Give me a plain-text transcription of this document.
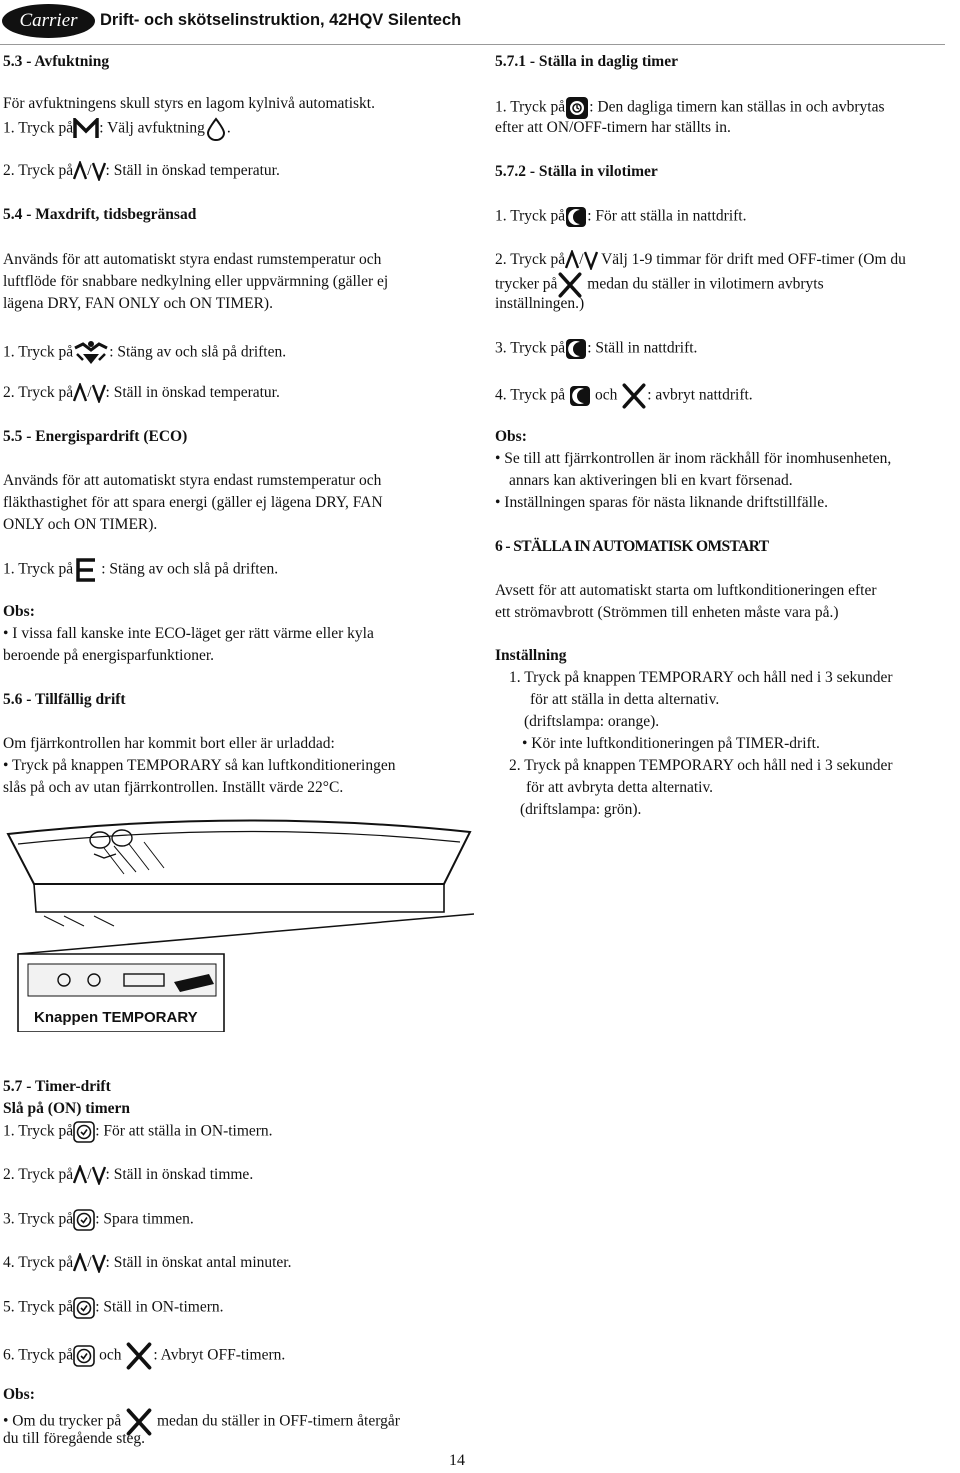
Carrier	Drift- och skötselinstruktion, 42HQV Silentech
5.3 - Avfuktning
För avfuktningens skull styrs en lagom kylnivå automatiskt.
1. Tryck på : Välj avfuktning .
2. Tryck på / : Ställ in önskad temperatur.
5.4 - Maxdrift, tidsbegränsad
Används för att automatiskt styra endast rumstemperatur och
luftflöde för snabbare nedkylning eller uppvärmning (gäller ej
lägena DRY, FAN ONLY och ON TIMER).
1. Tryck på : Stäng av och slå på driften.
2. Tryck på / : Ställ in önskad temperatur.
5.5 - Energispardrift (ECO)
Används för att automatiskt styra endast rumstemperatur och
fläkthastighet för att spara energi (gäller ej lägena DRY, FAN
ONLY och ON TIMER).
1. Tryck på : Stäng av och slå på driften.
Obs:
• I vissa fall kanske inte ECO-läget ger rätt värme eller kyla
beroende på energisparfunktioner.
5.6 - Tillfällig drift
Om fjärrkontrollen har kommit bort eller är urladdad:
• Tryck på knappen TEMPORARY så kan luftkonditioneringen
slås på och av utan fjärrkontrollen. Inställt värde 22°C.
Knappen TEMPORARY
5.7 - Timer-drift
Slå på (ON) timern
1. Tryck på : För att ställa in ON-timern.
2. Tryck på / : Ställ in önskad timme.
3. Tryck på : Spara timmen.
4. Tryck på / : Ställ in önskat antal minuter.
5. Tryck på : Ställ in ON-timern.
6. Tryck på och : Avbryt OFF-timern.
Obs:
• Om du trycker på medan du ställer in OFF-timern återgår
du till föregående steg.
5.7.1 - Ställa in daglig timer
1. Tryck på : Den dagliga timern kan ställas in och avbrytas
efter att ON/OFF-timern har ställts in.
5.7.2 - Ställa in vilotimer
1. Tryck på : För att ställa in nattdrift.
2. Tryck på / Välj 1-9 timmar för drift med OFF-timer (Om du
trycker på medan du ställer in vilotimern avbryts
inställningen.)
3. Tryck på : Ställ in nattdrift.
4. Tryck på och : avbryt nattdrift.
Obs:
• Se till att fjärrkontrollen är inom räckhåll för inomhusenheten,
annars kan aktiveringen bli en kvart försenad.
• Inställningen sparas för nästa liknande driftstillfälle.
6 - STÄLLA IN AUTOMATISK OMSTART
Avsett för att automatiskt starta om luftkonditioneringen efter
ett strömavbrott (Strömmen till enheten måste vara på.)
Inställning
1. Tryck på knappen TEMPORARY och håll ned i 3 sekunder
för att ställa in detta alternativ.
(driftslampa: orange).
• Kör inte luftkonditioneringen på TIMER-drift.
2. Tryck på knappen TEMPORARY och håll ned i 3 sekunder
för att avbryta detta alternativ.
(driftslampa: grön).
14
